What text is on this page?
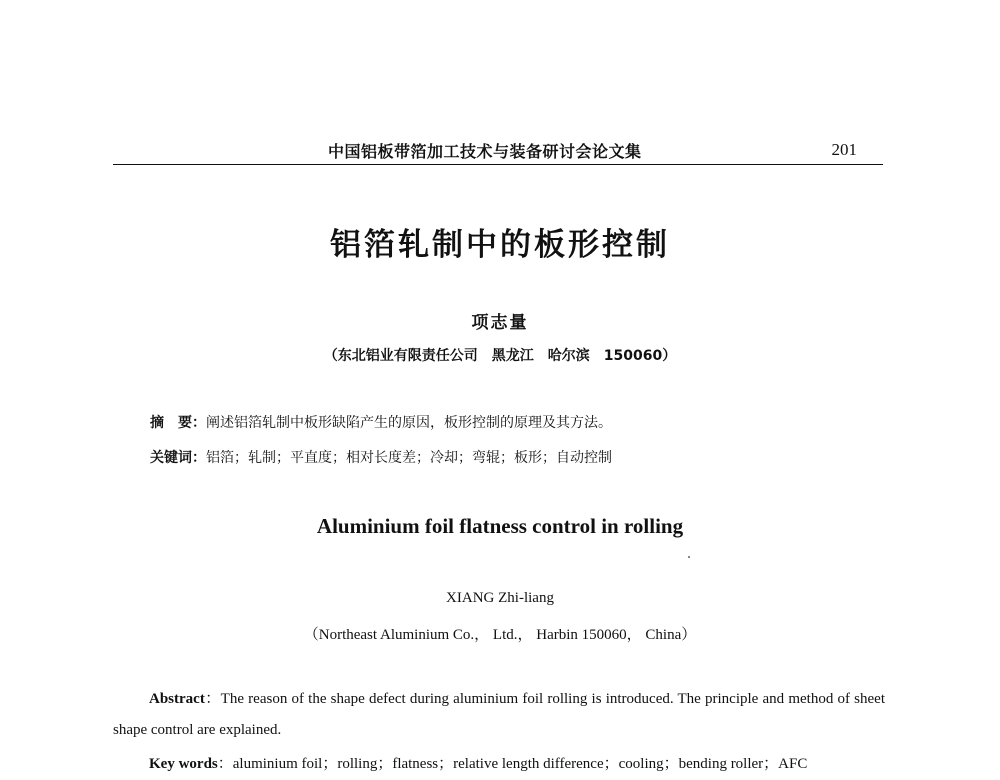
中国铝板带箔加工技术与装备研讨会论文集	201
铝箔轧制中的板形控制
项志量
（东北铝业有限责任公司　黑龙江　哈尔滨　150060）
摘　要：阐述铝箔轧制中板形缺陷产生的原因，板形控制的原理及其方法。
关键词：铝箔；轧制；平直度；相对长度差；冷却；弯辊；板形；自动控制
Aluminium foil flatness control in rolling
XIANG Zhi-liang
（Northeast Aluminium Co.， Ltd.， Harbin 150060， China）
Abstract：The reason of the shape defect during aluminium foil rolling is introduced. The principle and method of sheet shape control are explained.
Key words：aluminium foil；rolling；flatness；relative length difference；cooling；bending roller；AFC
